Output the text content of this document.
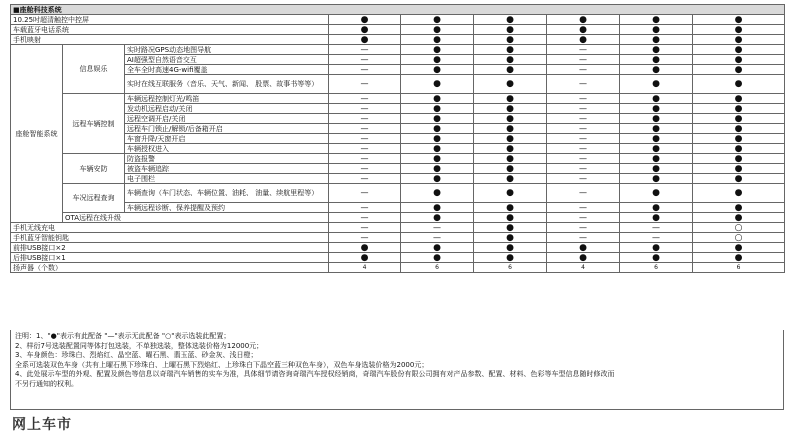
■座舱科技系统								
10.25吋超清触控中控屏			●	●	●	●	●	●
车载蓝牙电话系统			●	●	●	●	●	●
手机映射			●	●	●	●	●	●
座舱智能系统	信息娱乐	实时路况GPS动态地图导航	—	●	●	—	●	●
		AI超强型自然语音交互	—	●	●	—	●	●
		全车全时高速4G-wifi覆盖	—	●	●	—	●	●
		实时在线互联服务（音乐、天气、新闻、 股票、故事书等等）	—	●	●	—	●	●
	远程车辆控制	车辆远程控制灯光/鸣笛	—	●	●	—	●	●
		发动机远程启动/关闭	—	●	●	—	●	●
		远程空调开启/关闭	—	●	●	—	●	●
		远程车门锁止/解锁/后备箱开启	—	●	●	—	●	●
		车窗升降/天窗开启	—	●	●	—	●	●
		车辆授权进入	—	●	●	—	●	●
	车辆安防	防盗报警	—	●	●	—	●	●
		被盗车辆追踪	—	●	●	—	●	●
		电子围栏	—	●	●	—	●	●
	车况远程查询	车辆查询（车门状态、车辆位置、油耗、 油量、续航里程等）	—	●	●	—	●	●
		车辆远程诊断、保养提醒及预约	—	●	●	—	●	●
	OTA远程在线升级		—	●	●	—	●	●
手机无线充电			—	—	●	—	—	○
手机蓝牙智能钥匙			—	—	●	—	—	○
前排USB接口×2			●	●	●	●	●	●
后排USB接口×1			●	●	●	●	●	●
扬声器（个数）			4	6	6	4	6	6
注明：1、"●"表示有此配备 "—"表示无此配备 "○"表示选装此配置；
2、样衍7号选装配置同等体打包选装，不单独选装，整体选装价格为12000元；
3、车身颜色：珍珠白、烈焰红、晶空蓝、曜石黑、翡玉蓝、砂金灰、浅日橙；
全系可选装双色车身（共有上曜石黑下珍珠白、上曜石黑下烈焰红、上珍珠白下晶空蓝三种双色车身），双色车身选装价格为2000元；
4、此处展示车型的外观、配置及颜色等信息以奇瑞汽车销售的实车为准，具体细节请咨询奇瑞汽车授权经销商，奇瑞汽车股份有限公司拥有对产品参数、配置、材料、色彩等车型信息随时修改而
不另行通知的权利。
网上车市
